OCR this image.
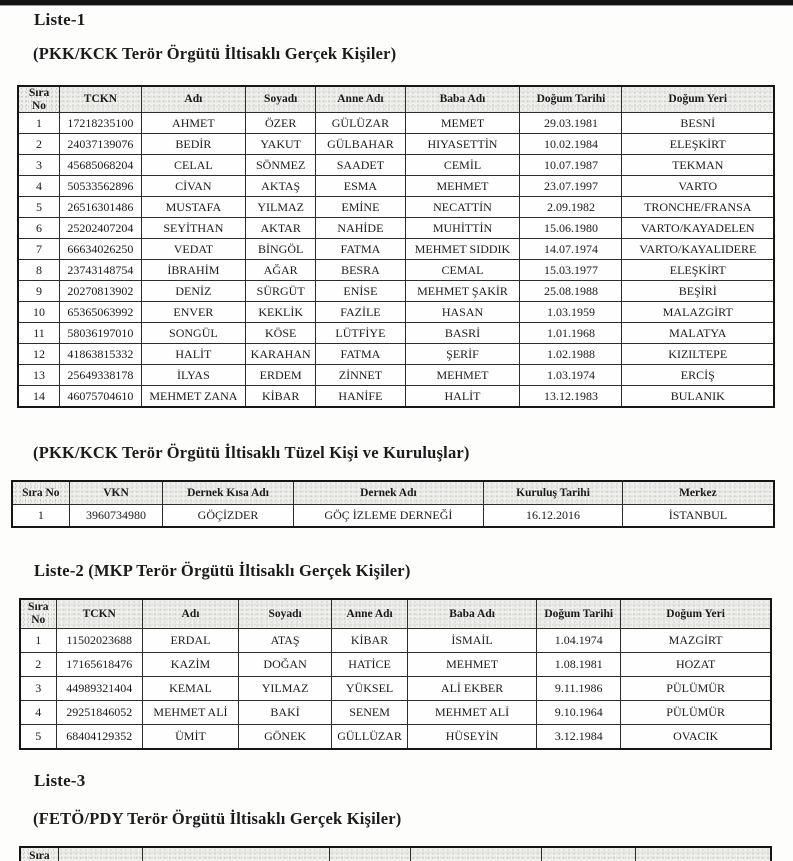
Liste-1
(PKK/KCK Terör Örgütü İltisaklı Gerçek Kişiler)
Sıra No	TCKN	Adı	Soyadı	Anne Adı	Baba Adı	Doğum Tarihi	Doğum Yeri
1	17218235100	AHMET	ÖZER	GÜLÜZAR	MEMET	29.03.1981	BESNİ
2	24037139076	BEDİR	YAKUT	GÜLBAHAR	HIYASETTİN	10.02.1984	ELEŞKİRT
3	45685068204	CELAL	SÖNMEZ	SAADET	CEMİL	10.07.1987	TEKMAN
4	50533562896	CİVAN	AKTAŞ	ESMA	MEHMET	23.07.1997	VARTO
5	26516301486	MUSTAFA	YILMAZ	EMİNE	NECATTİN	2.09.1982	TRONCHE/FRANSA
6	25202407204	SEYİTHAN	AKTAR	NAHİDE	MUHİTTİN	15.06.1980	VARTO/KAYADELEN
7	66634026250	VEDAT	BİNGÖL	FATMA	MEHMET SIDDIK	14.07.1974	VARTO/KAYALIDERE
8	23743148754	İBRAHİM	AĞAR	BESRA	CEMAL	15.03.1977	ELEŞKİRT
9	20270813902	DENİZ	SÜRGÜT	ENİSE	MEHMET ŞAKİR	25.08.1988	BEŞİRİ
10	65365063992	ENVER	KEKLİK	FAZİLE	HASAN	1.03.1959	MALAZGİRT
11	58036197010	SONGÜL	KÖSE	LÜTFİYE	BASRİ	1.01.1968	MALATYA
12	41863815332	HALİT	KARAHAN	FATMA	ŞERİF	1.02.1988	KIZILTEPE
13	25649338178	İLYAS	ERDEM	ZİNNET	MEHMET	1.03.1974	ERCİŞ
14	46075704610	MEHMET ZANA	KİBAR	HANİFE	HALİT	13.12.1983	BULANIK
(PKK/KCK Terör Örgütü İltisaklı Tüzel Kişi ve Kuruluşlar)
Sıra No	VKN	Dernek Kısa Adı	Dernek Adı	Kuruluş Tarihi	Merkez
1	3960734980	GÖÇİZDER	GÖÇ İZLEME DERNEĞİ	16.12.2016	İSTANBUL
Liste-2 (MKP Terör Örgütü İltisaklı Gerçek Kişiler)
Sıra No	TCKN	Adı	Soyadı	Anne Adı	Baba Adı	Doğum Tarihi	Doğum Yeri
1	11502023688	ERDAL	ATAŞ	KİBAR	İSMAİL	1.04.1974	MAZGİRT
2	17165618476	KAZİM	DOĞAN	HATİCE	MEHMET	1.08.1981	HOZAT
3	44989321404	KEMAL	YILMAZ	YÜKSEL	ALİ EKBER	9.11.1986	PÜLÜMÜR
4	29251846052	MEHMET ALİ	BAKİ	SENEM	MEHMET ALİ	9.10.1964	PÜLÜMÜR
5	68404129352	ÜMİT	GÖNEK	GÜLLÜZAR	HÜSEYİN	3.12.1984	OVACIK
Liste-3
(FETÖ/PDY Terör Örgütü İltisaklı Gerçek Kişiler)
Sıra						
